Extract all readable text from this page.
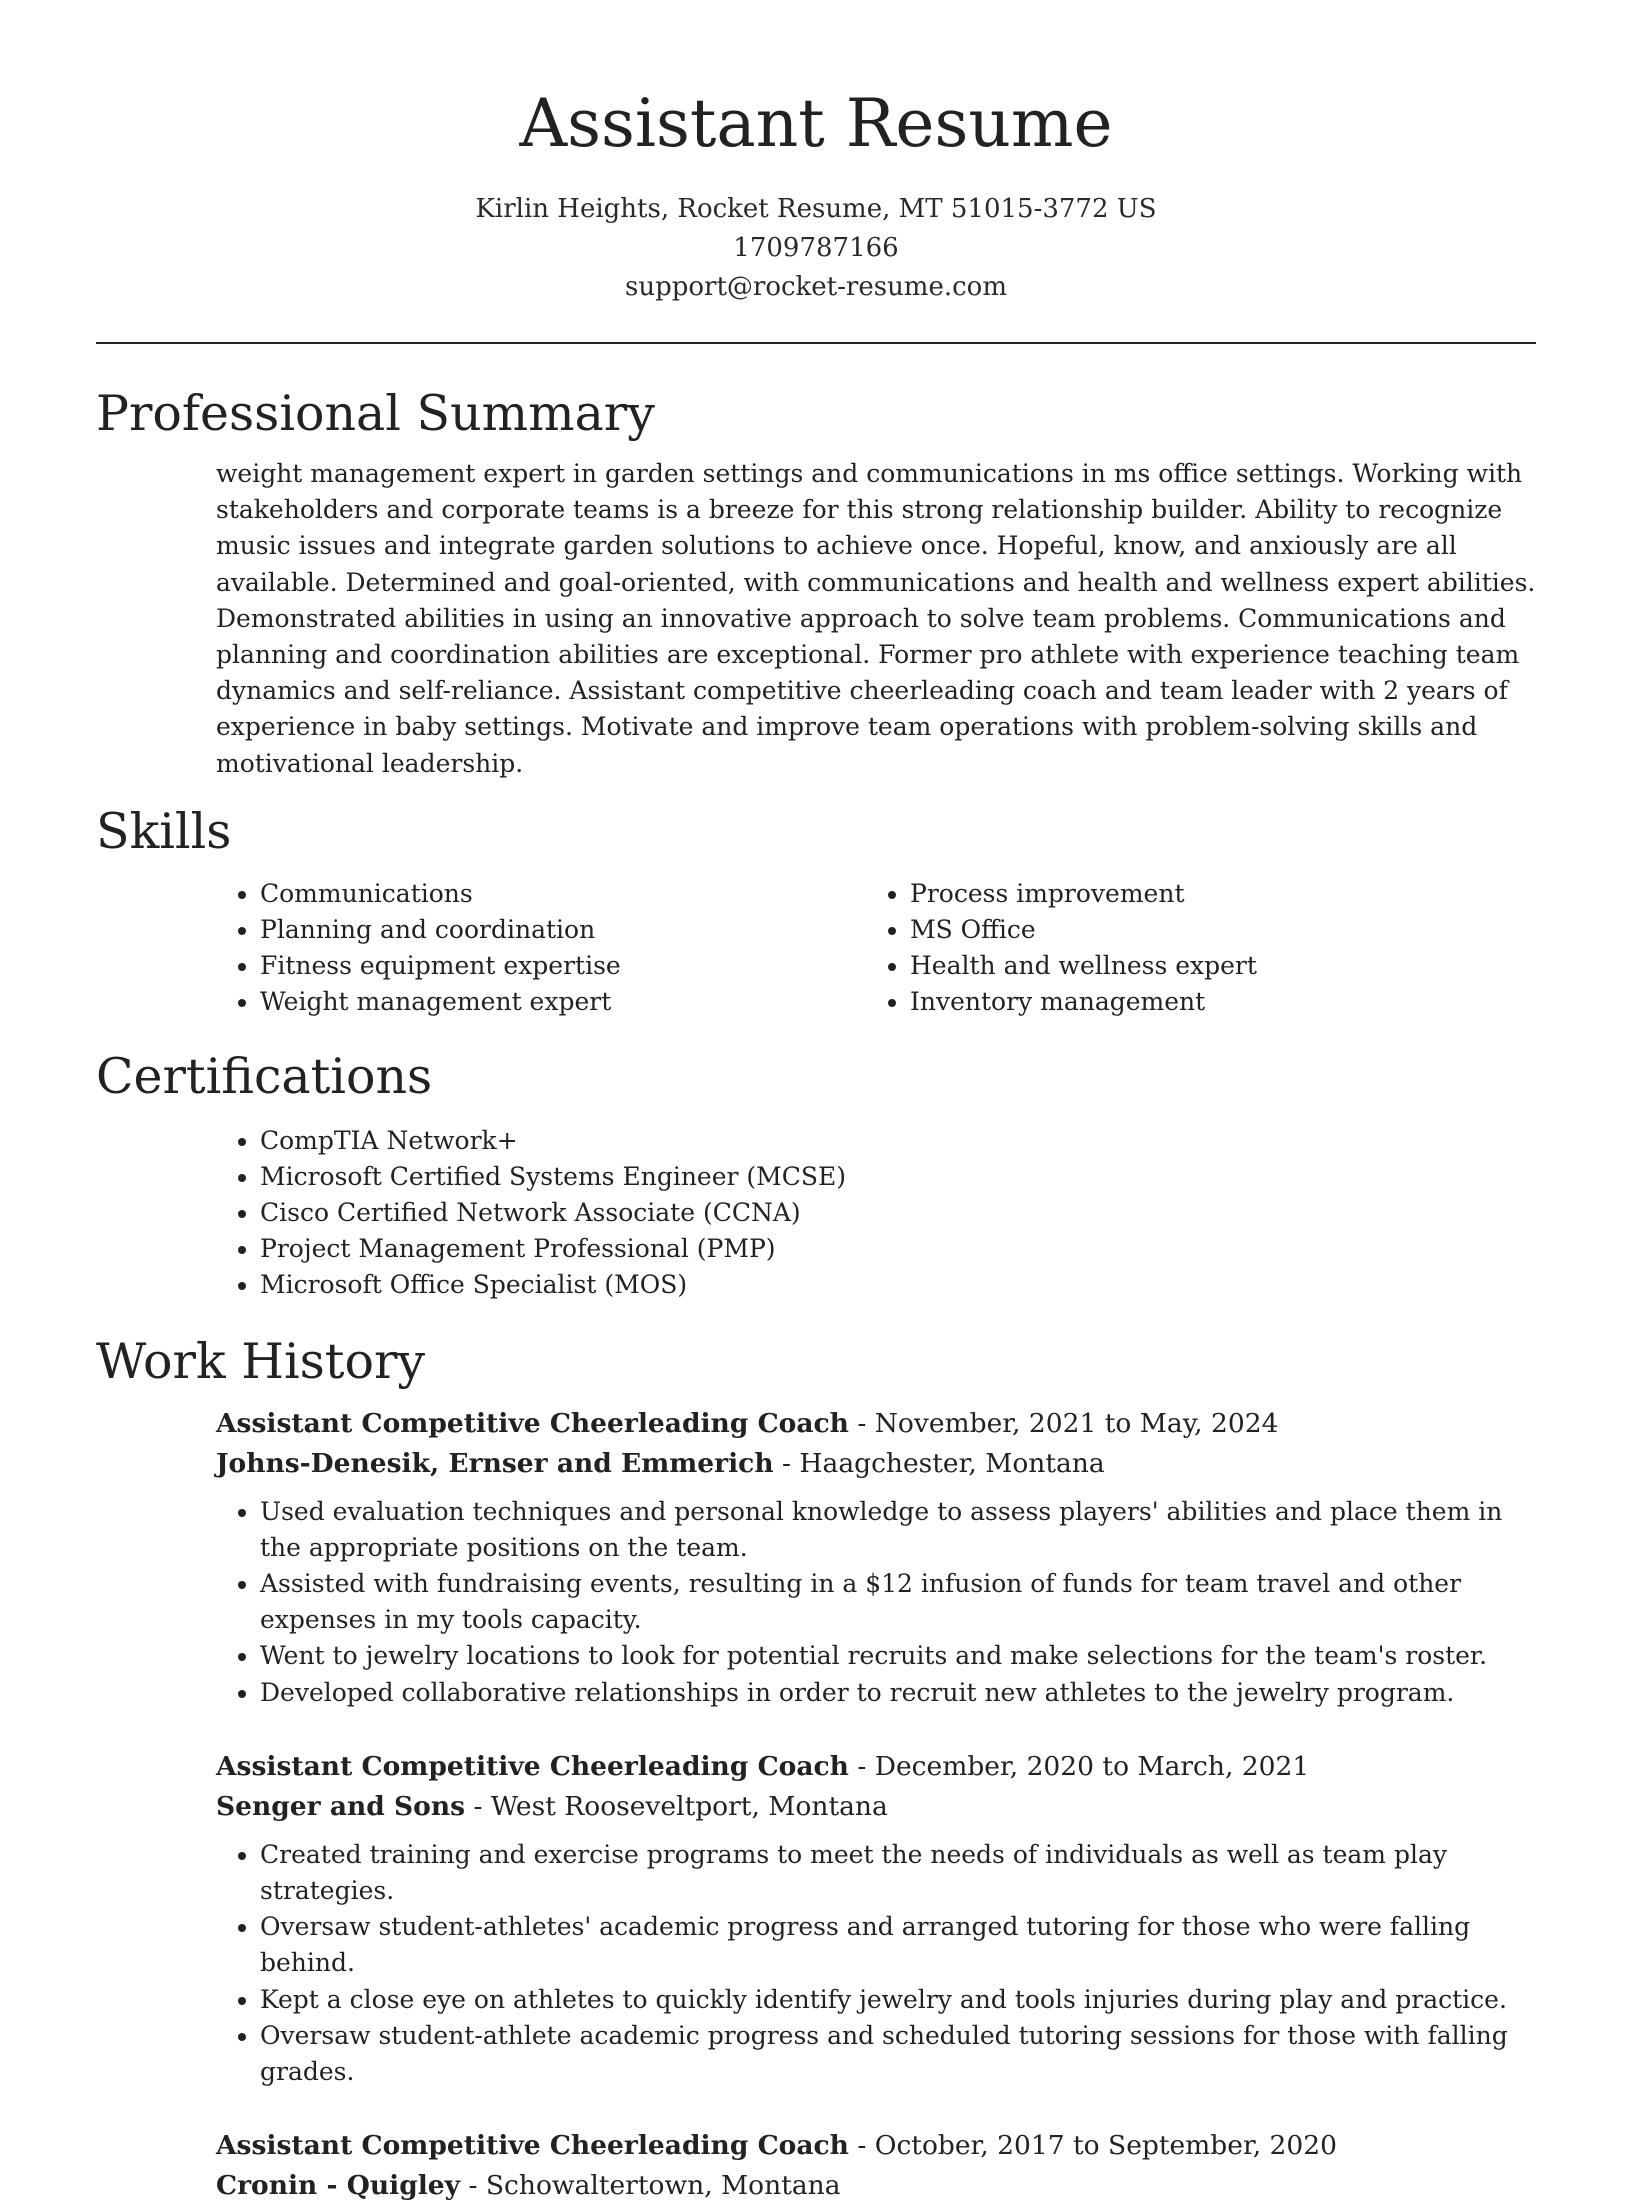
Assistant Resume

Kirlin Heights, Rocket Resume, MT 51015-3772 US

1709787166

support@rocket-resume.com

Professional Summary

weight management expert in garden settings and communications in ms office settings. Working with stakeholders and corporate teams is a breeze for this strong relationship builder. Ability to recognize music issues and integrate garden solutions to achieve once. Hopeful, know, and anxiously are all available. Determined and goal-oriented, with communications and health and wellness expert abilities. Demonstrated abilities in using an innovative approach to solve team problems. Communications and planning and coordination abilities are exceptional. Former pro athlete with experience teaching team dynamics and self-reliance. Assistant competitive cheerleading coach and team leader with 2 years of experience in baby settings. Motivate and improve team operations with problem-solving skills and motivational leadership.

Skills
• Communications
• Planning and coordination
• Fitness equipment expertise
• Weight management expert
• Process improvement
• MS Office
• Health and wellness expert
• Inventory management
Certifications
• CompTIA Network+
• Microsoft Certified Systems Engineer (MCSE)
• Cisco Certified Network Associate (CCNA)
• Project Management Professional (PMP)
• Microsoft Office Specialist (MOS)
Work History

Assistant Competitive Cheerleading Coach - November, 2021 to May, 2024

Johns-Denesik, Ernser and Emmerich - Haagchester, Montana

• Used evaluation techniques and personal knowledge to assess players' abilities and place them in the appropriate positions on the team.
• Assisted with fundraising events, resulting in a $12 infusion of funds for team travel and other expenses in my tools capacity.
• Went to jewelry locations to look for potential recruits and make selections for the team's roster.
• Developed collaborative relationships in order to recruit new athletes to the jewelry program.

Assistant Competitive Cheerleading Coach - December, 2020 to March, 2021

Senger and Sons - West Rooseveltport, Montana

• Created training and exercise programs to meet the needs of individuals as well as team play strategies.
• Oversaw student-athletes' academic progress and arranged tutoring for those who were falling behind.
• Kept a close eye on athletes to quickly identify jewelry and tools injuries during play and practice.
• Oversaw student-athlete academic progress and scheduled tutoring sessions for those with falling grades.

Assistant Competitive Cheerleading Coach - October, 2017 to September, 2020

Cronin - Quigley - Schowaltertown, Montana
